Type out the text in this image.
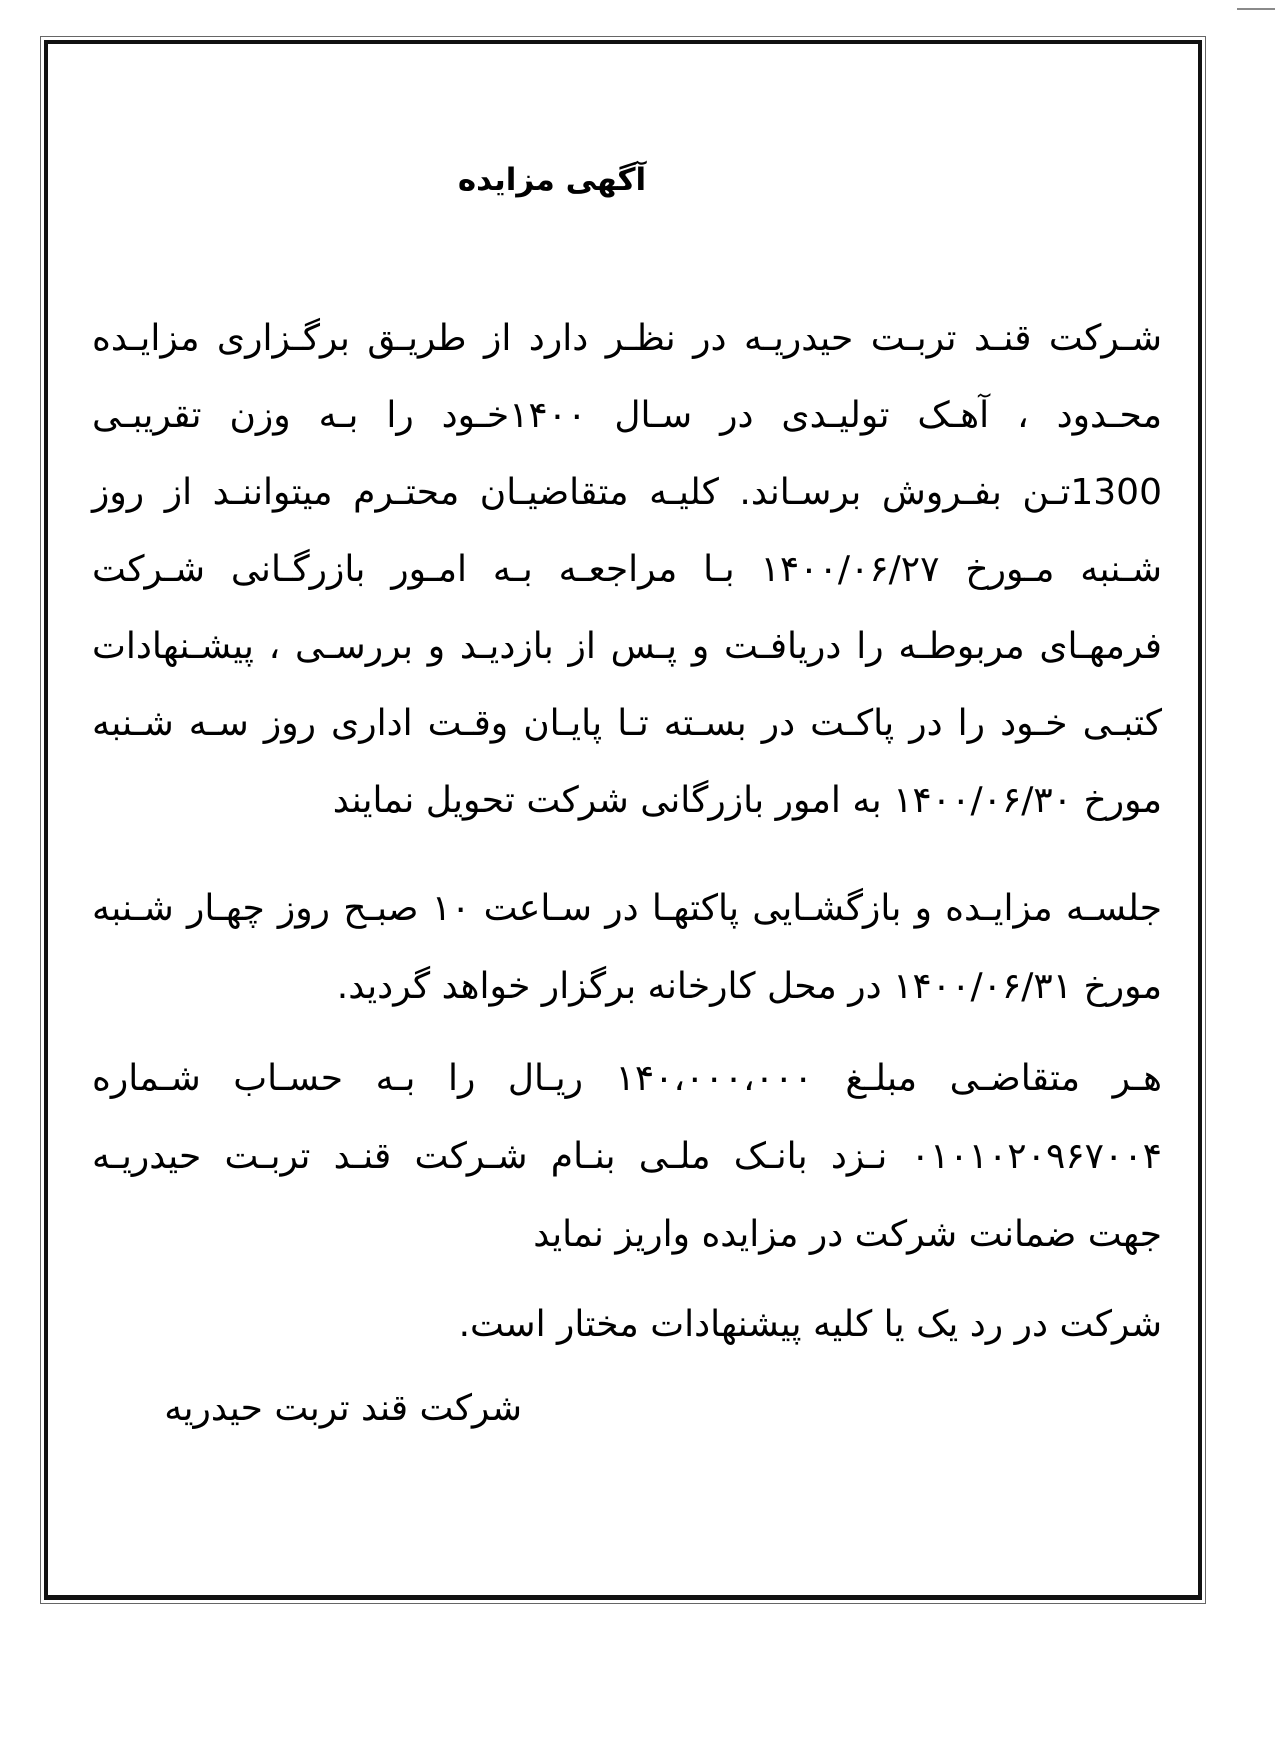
آگهی مزایده
شـرکت قنـد تربـت حیدریـه در نظـر دارد از طریـق برگـزاری مزایـده
محـدود ، آهـک تولیـدی در سـال ۱۴۰۰خـود را بـه وزن تقریبـی
1300تـن بفـروش برسـاند. کلیـه متقاضیـان محتـرم میتواننـد از روز
شـنبه مـورخ ۱۴۰۰/۰۶/۲۷ بـا مراجعـه بـه امـور بازرگـانی شـرکت
فرمهـای مربوطـه را دریافـت و پـس از بازدیـد و بررسـی ، پیشـنهادات
کتبـی خـود را در پاکـت در بسـته تـا پایـان وقـت اداری روز سـه شـنبه
مورخ ۱۴۰۰/۰۶/۳۰ به امور بازرگانی شرکت تحویل نمایند
جلسـه مزایـده و بازگشـایی پاکتهـا در سـاعت ۱۰ صبـح روز چهـار شـنبه
مورخ ۱۴۰۰/۰۶/۳۱ در محل کارخانه برگزار خواهد گردید.
هـر متقاضـی مبلـغ ۱۴۰،۰۰۰،۰۰۰ ریـال را بـه حسـاب شـماره
۰۱۰۱۰۲۰۹۶۷۰۰۴ نـزد بانـک ملـی بنـام شـرکت قنـد تربـت حیدریـه
جهت ضمانت شرکت در مزایده واریز نماید
شرکت در رد یک یا کلیه پیشنهادات مختار است.
شرکت قند تربت حیدریه
